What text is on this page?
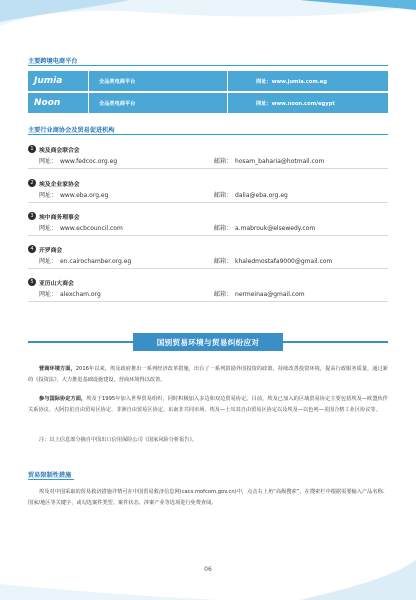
主要跨境电商平台
Jumia	全品类电商平台	网址：www.jumia.com.eg
Noon	全品类电商平台	网址：www.noon.com/egypt
主要行业商协会及贸易促进机构
1 埃及商会联合会
网址： www.fedcoc.org.eg	邮箱： hosam_baharia@hotmail.com
2 埃及企业家协会
网址： www.eba.org.eg	邮箱： dalia@eba.org.eg
3 埃中商务理事会
网址： www.ecbcouncil.com	邮箱： a.mabrouk@elsewedy.com
4 开罗商会
网址： en.cairochamber.org.eg	邮箱： khaledmostafa9000@gmail.com
5 亚历山大商会
网址： alexcham.org	邮箱： nermeinaa@gmail.com
国别贸易环境与贸易纠纷应对
营商环境方面，2016年以来，埃及政府推出一系列经济改革措施，出台了一系列鼓励外国投资的政策，持续改善投资环境，提高行政服务质量，通过新的《投资法》，大力推进基础设施建设，营商环境得以改善。
参与国际协定方面，埃及于1995年加入世界贸易组织，同时积极加入多边和双边贸易协定。目前，埃及已加入的区域贸易协定主要包括埃及—欧盟伙伴关系协议、大阿拉伯自由贸易区协定、非洲自由贸易区协定、东南非共同市场、埃及—土耳其自由贸易区协定以及埃及—以色列—美国合格工业区协议等。
注：以上信息部分摘自中国出口信用保险公司《国家风险分析报告》。
贸易限制性措施
埃及对中国采取的贸易救济措施详情可在中国贸易救济信息网(cacs.mofcom.gov.cn)中，点击右上角“高级搜索”，在搜索栏中根据需要输入产品名称、国家/地区等关键字，或勾选案件类型、案件状态、涉案产业等选项进行免费查阅。
06
